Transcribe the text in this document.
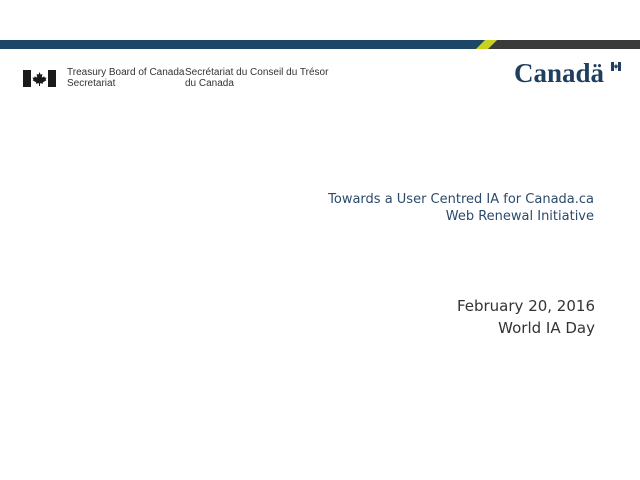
Treasury Board of Canada
Secretariat
Secrétariat du Conseil du Trésor
du Canada	Canadä
Towards a User Centred IA for Canada.ca
Web Renewal Initiative
February 20, 2016
World IA Day
